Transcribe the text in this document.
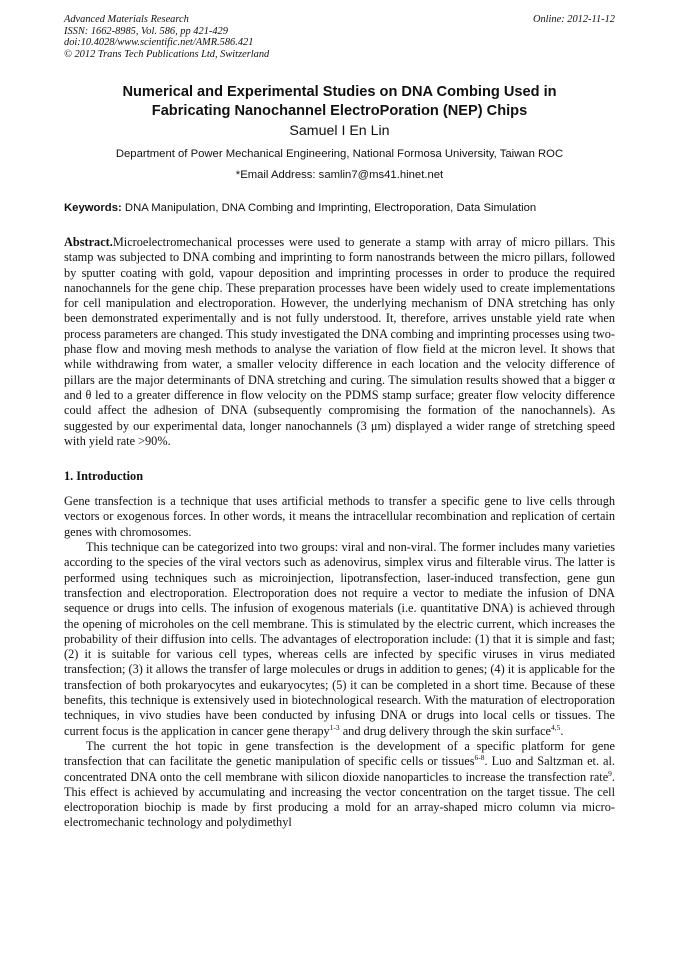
Advanced Materials Research
ISSN: 1662-8985, Vol. 586, pp 421-429
doi:10.4028/www.scientific.net/AMR.586.421
© 2012 Trans Tech Publications Ltd, Switzerland
Online: 2012-11-12
Numerical and Experimental Studies on DNA Combing Used in
Fabricating Nanochannel ElectroPoration (NEP) Chips
Samuel I En Lin
Department of Power Mechanical Engineering, National Formosa University, Taiwan ROC
*Email Address: samlin7@ms41.hinet.net
Keywords: DNA Manipulation, DNA Combing and Imprinting, Electroporation, Data Simulation

Abstract.Microelectromechanical processes were used to generate a stamp with array of micro pillars. This stamp was subjected to DNA combing and imprinting to form nanostrands between the micro pillars, followed by sputter coating with gold, vapour deposition and imprinting processes in order to produce the required nanochannels for the gene chip. These preparation processes have been widely used to create implementations for cell manipulation and electroporation. However, the underlying mechanism of DNA stretching has only been demonstrated experimentally and is not fully understood. It, therefore, arrives unstable yield rate when process parameters are changed. This study investigated the DNA combing and imprinting processes using two-phase flow and moving mesh methods to analyse the variation of flow field at the micron level. It shows that while withdrawing from water, a smaller velocity difference in each location and the velocity difference of pillars are the major determinants of DNA stretching and curing. The simulation results showed that a bigger α and θ led to a greater difference in flow velocity on the PDMS stamp surface; greater flow velocity difference could affect the adhesion of DNA (subsequently compromising the formation of the nanochannels). As suggested by our experimental data, longer nanochannels (3 μm) displayed a wider range of stretching speed with yield rate >90%.

1. Introduction

Gene transfection is a technique that uses artificial methods to transfer a specific gene to live cells through vectors or exogenous forces. In other words, it means the intracellular recombination and replication of certain genes with chromosomes.

This technique can be categorized into two groups: viral and non-viral. The former includes many varieties according to the species of the viral vectors such as adenovirus, simplex virus and filterable virus. The latter is performed using techniques such as microinjection, lipotransfection, laser-induced transfection, gene gun transfection and electroporation. Electroporation does not require a vector to mediate the infusion of DNA sequence or drugs into cells. The infusion of exogenous materials (i.e. quantitative DNA) is achieved through the opening of microholes on the cell membrane. This is stimulated by the electric current, which increases the probability of their diffusion into cells. The advantages of electroporation include: (1) that it is simple and fast; (2) it is suitable for various cell types, whereas cells are infected by specific viruses in virus mediated transfection; (3) it allows the transfer of large molecules or drugs in addition to genes; (4) it is applicable for the transfection of both prokaryocytes and eukaryocytes; (5) it can be completed in a short time. Because of these benefits, this technique is extensively used in biotechnological research. With the maturation of electroporation techniques, in vivo studies have been conducted by infusing DNA or drugs into local cells or tissues. The current focus is the application in cancer gene therapy$^{1-3}$ and drug delivery through the skin surface$^{4,5}$.

The current the hot topic in gene transfection is the development of a specific platform for gene transfection that can facilitate the genetic manipulation of specific cells or tissues$^{6-8}$. Luo and Saltzman et. al. concentrated DNA onto the cell membrane with silicon dioxide nanoparticles to increase the transfection rate$^9$. This effect is achieved by accumulating and increasing the vector concentration on the target tissue. The cell electroporation biochip is made by first producing a mold for an array-shaped micro column via micro-electromechanic technology and polydimethyl
